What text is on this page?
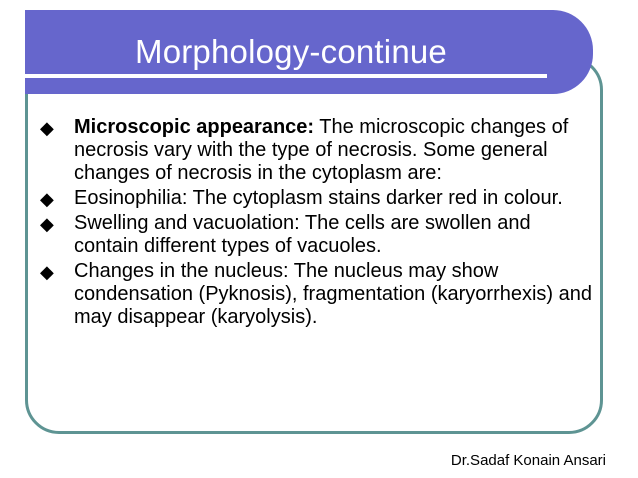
Morphology-continue
◆ Microscopic appearance: The microscopic changes of necrosis vary with the type of necrosis. Some general changes of necrosis in the cytoplasm are:
◆ Eosinophilia: The cytoplasm stains darker red in colour.
◆ Swelling and vacuolation: The cells are swollen and contain different types of vacuoles.
◆ Changes in the nucleus: The nucleus may show condensation (Pyknosis), fragmentation (karyorrhexis) and may disappear (karyolysis).
Dr.Sadaf Konain Ansari
